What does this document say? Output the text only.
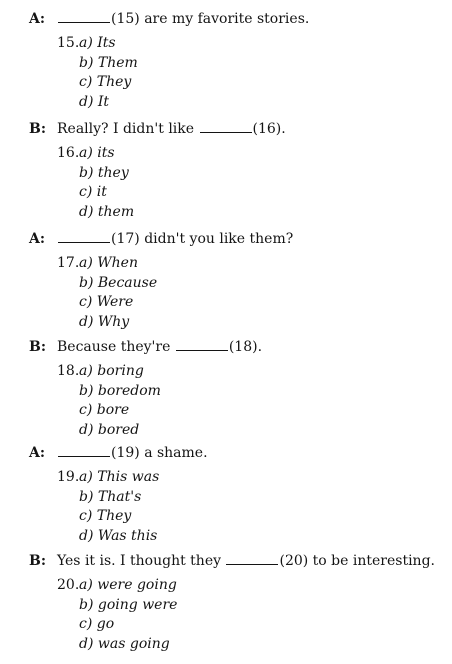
A:	(15) are my favorite stories.
15. a) Its
b) Them
c) They
d) It
B: Really? I didn't like	(16).
16. a) its
b) they
c) it
d) them
A:	(17) didn't you like them?
17. a) When
b) Because
c) Were
d) Why
B: Because they're	(18).
18. a) boring
b) boredom
c) bore
d) bored
A:	(19) a shame.
19. a) This was
b) That's
c) They
d) Was this
B: Yes it is. I thought they	(20) to be interesting.
20. a) were going
b) going were
c) go
d) was going
